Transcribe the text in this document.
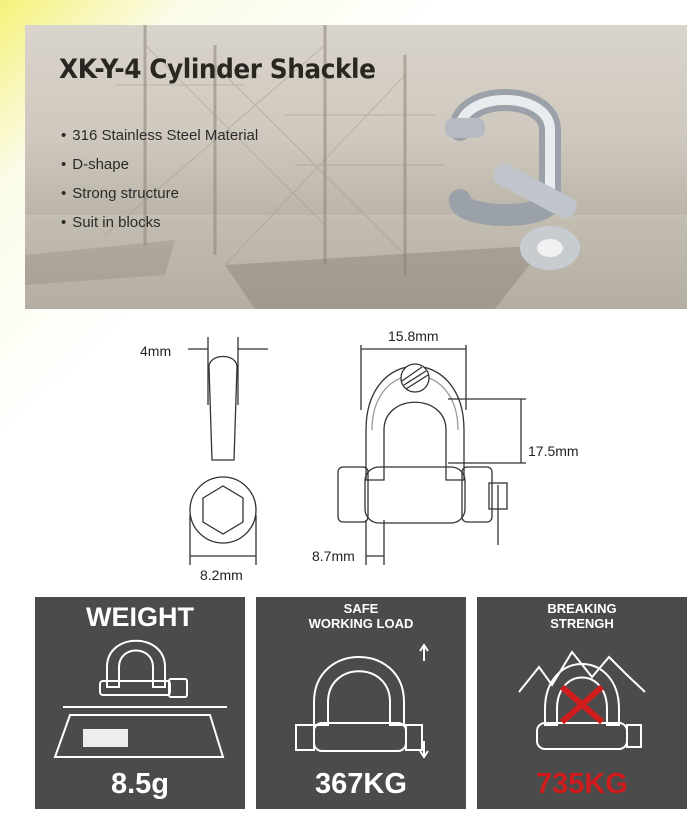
XK-Y-4 Cylinder Shackle
• 316 Stainless Steel Material
• D-shape
• Strong structure
• Suit in blocks
4mm
8.2mm
15.8mm
17.5mm
8.7mm
WEIGHT
8.5g
SAFE
WORKING LOAD
367KG
BREAKING
STRENGH
735KG
